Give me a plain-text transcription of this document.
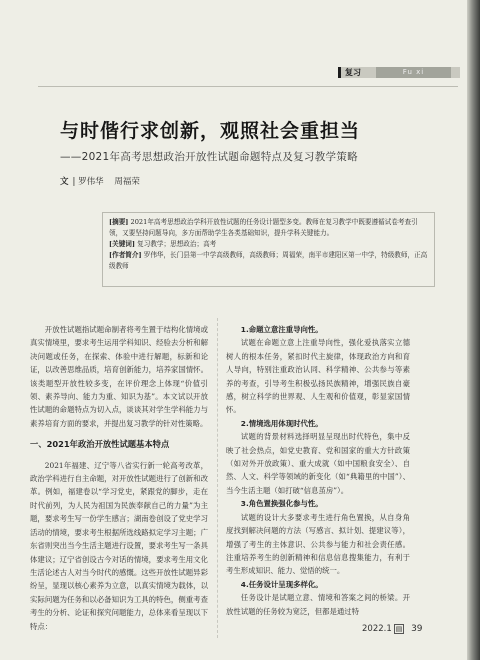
复习	Fu xi
与时偕行求创新，观照社会重担当
——2021年高考思想政治开放性试题命题特点及复习教学策略
文 | 罗伟华 周福荣

[摘要] 2021年高考思想政治学科开放性试题的任务设计题型多变。教师在复习教学中既要遵循试卷考查引领，又要坚持问题导向，多方面帮助学生各类基础知识，提升学科关键能力。

[关键词] 复习教学；思想政治；高考

[作者简介] 罗伟华，长门县第一中学高级教师，高级教师；周福荣，南平市建阳区第一中学，特级教师，正高级教师

开放性试题指试题命制者将考生置于结构化情境或真实情境里，要求考生运用学科知识、经验去分析和解决问题或任务，在探索、体验中进行解题，标新和论证，以改善思维品质，培育创新能力，培养家国情怀。该类题型开放性较多变，在评价理念上体现“价值引领、素养导向、能力为重、知识为基”。本文试以开放性试题的命题特点为切入点，谈谈其对学生学科能力与素养培育方面的要求，并提出复习教学的针对性策略。

一、2021年政治开放性试题基本特点

2021年福建、辽宁等八省实行新一轮高考改革，政治学科进行自主命题，对开放性试题进行了创新和改革。例如，福建卷以“学习党史，紧跟党的脚步，走在时代前列，为人民为祖国为民族奉献自己的力量”为主题，要求考生写一份学生感言；湖南卷创设了党史学习活动的情境，要求考生根据所选线路拟定学习主题；广东省则突出当今生活主题进行设置，要求考生写一条具体建议；辽宁省创设古今对话的情境，要求考生用文化生活论述古人对当今时代的感慨。这些开放性试题异彩纷呈，显现以核心素养为立意，以真实情境为载体，以实际问题为任务和以必备知识为工具的特色，侧重考查考生的分析、论证和探究问题能力，总体来看呈现以下特点：

1.命题立意注重导向性。

试题在命题立意上注重导向性，强化爱执落实立德树人的根本任务，紧扣时代主旋律，体现政治方向和育人导向，特别注重政治认同、科学精神、公共参与等素养的考查，引导考生积极弘扬民族精神，增强民族自豪感，树立科学的世界观、人生观和价值观，彰显家国情怀。

2.情境选用体现时代性。

试题的背景材料选择明显呈现出时代特色，集中反映了社会热点，如党史教育、党和国家的重大方针政策（如对外开放政策）、重大成就（如中国粮食安全）、自然、人文、科学等领域的新变化（如“典籍里的中国”）、当今生活主题（如打破“信息茧房”）。

3.角色置换强化参与性。

试题的设计大多要求考生进行角色置换，从自身角度找到解决问题的方法（写感言、拟计划、提建议等），增强了考生的主体意识、公共参与能力和社会责任感。注重培养考生的创新精神和信息信息搜集能力，有利于考生形成知识、能力、觉悟的统一。

4.任务设计呈现多样化。

任务设计是试题立意、情境和答案之间的桥梁。开放性试题的任务较为宽泛，但都是通过特

2022.1 ▤ 39
